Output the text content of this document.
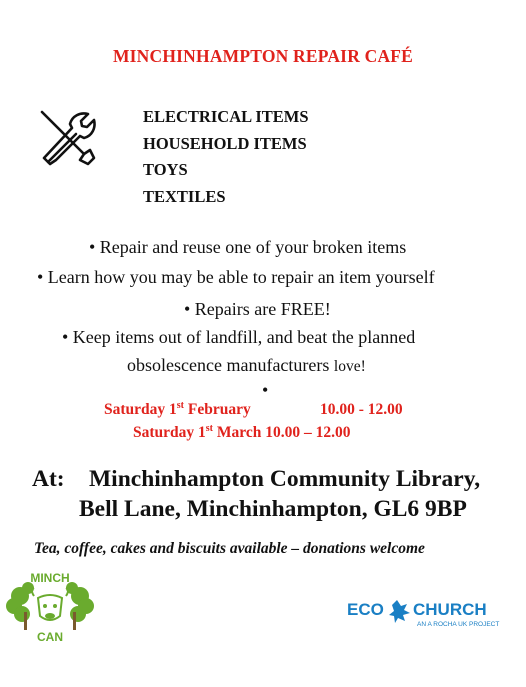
MINCHINHAMPTON REPAIR CAFÉ
ELECTRICAL ITEMS
HOUSEHOLD ITEMS
TOYS
TEXTILES
• Repair and reuse one of your broken items
• Learn how you may be able to repair an item yourself
• Repairs are FREE!
• Keep items out of landfill, and beat the planned
obsolescence manufacturers love!
•
Saturday 1st February	10.00 - 12.00
Saturday 1st March 10.00 – 12.00
At: Minchinhampton Community Library,
Bell Lane, Minchinhampton, GL6 9BP
Tea, coffee, cakes and biscuits available – donations welcome
MINCH
CAN
ECO CHURCH
AN A ROCHA UK PROJECT
